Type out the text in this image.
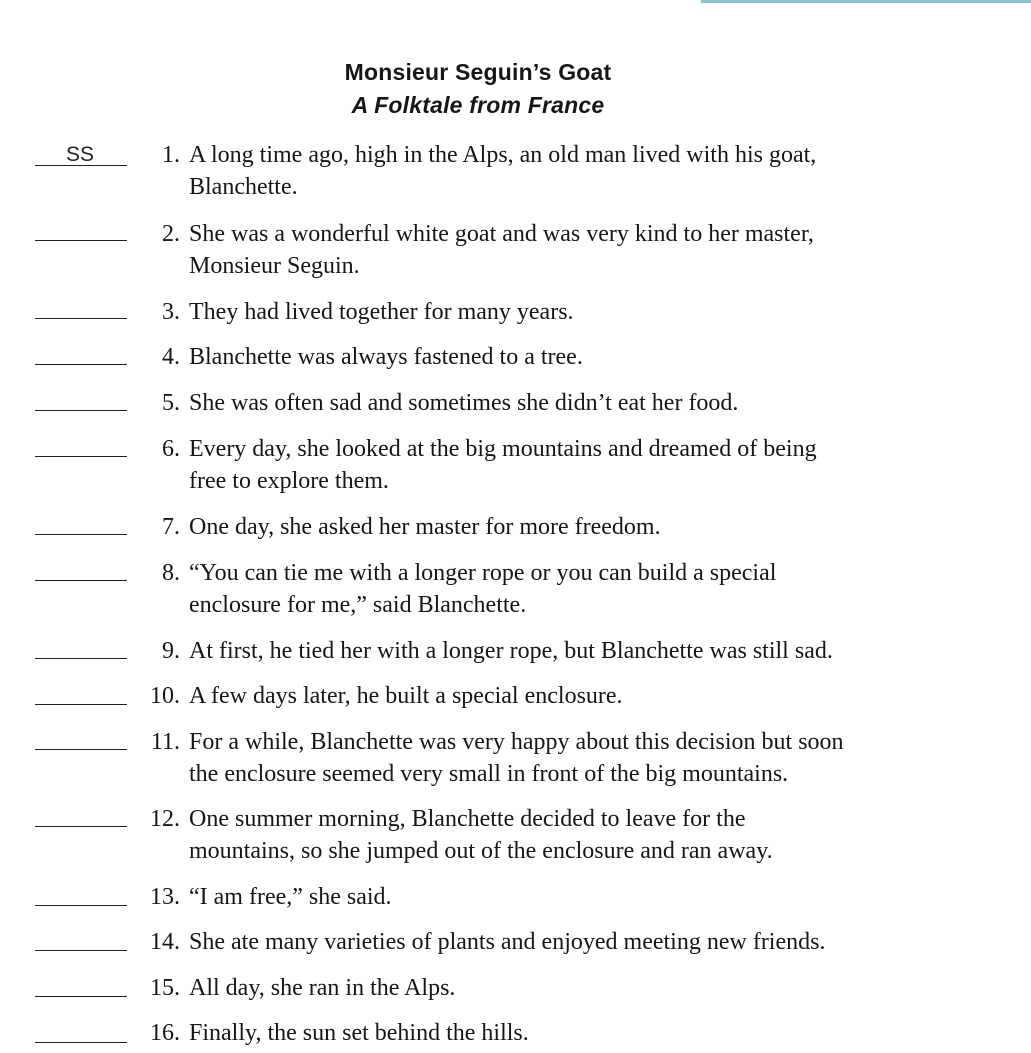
Monsieur Seguin’s Goat
A Folktale from France
SS	1. A long time ago, high in the Alps, an old man lived with his goat,
Blanchette.
2. She was a wonderful white goat and was very kind to her master,
Monsieur Seguin.
3. They had lived together for many years.
4. Blanchette was always fastened to a tree.
5. She was often sad and sometimes she didn’t eat her food.
6. Every day, she looked at the big mountains and dreamed of being
free to explore them.
7. One day, she asked her master for more freedom.
8. “You can tie me with a longer rope or you can build a special
enclosure for me,” said Blanchette.
9. At first, he tied her with a longer rope, but Blanchette was still sad.
10. A few days later, he built a special enclosure.
11. For a while, Blanchette was very happy about this decision but soon
the enclosure seemed very small in front of the big mountains.
12. One summer morning, Blanchette decided to leave for the
mountains, so she jumped out of the enclosure and ran away.
13. “I am free,” she said.
14. She ate many varieties of plants and enjoyed meeting new friends.
15. All day, she ran in the Alps.
16. Finally, the sun set behind the hills.
